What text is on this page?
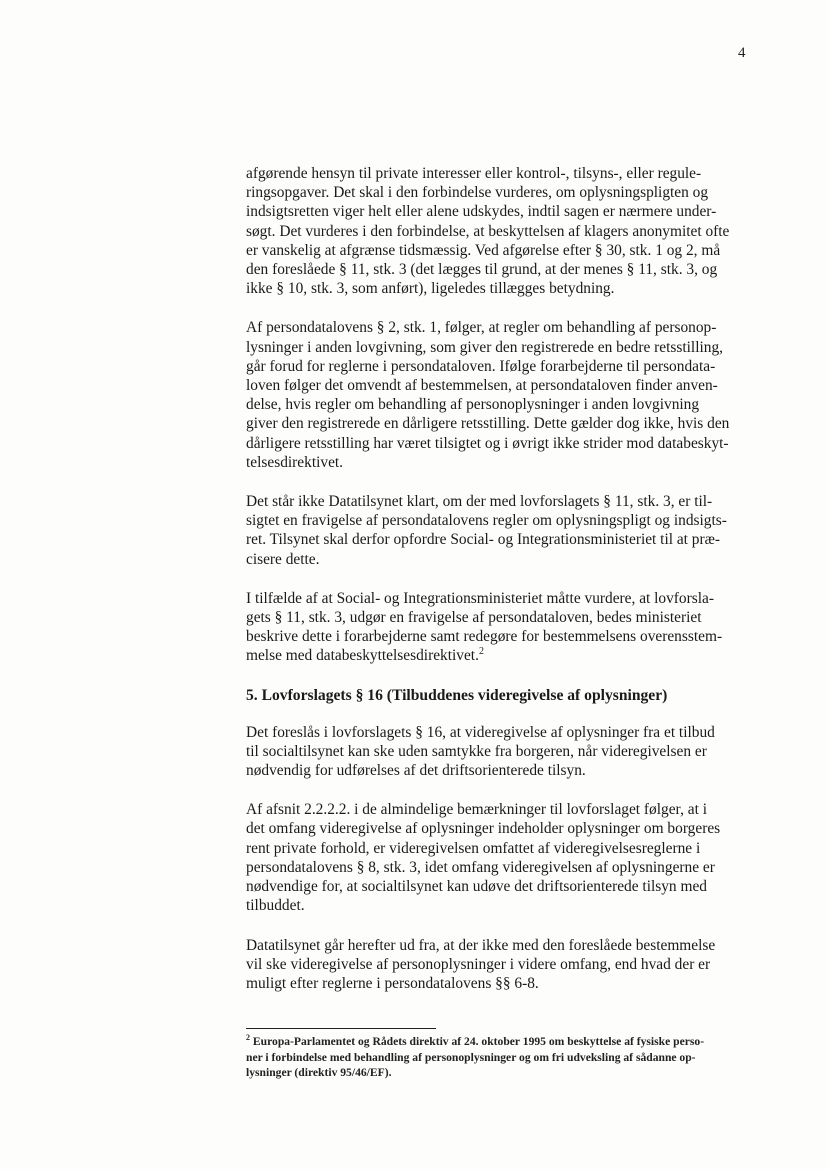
4

afgørende hensyn til private interesser eller kontrol-, tilsyns-, eller regule-
ringsopgaver. Det skal i den forbindelse vurderes, om oplysningspligten og
indsigtsretten viger helt eller alene udskydes, indtil sagen er nærmere under-
søgt. Det vurderes i den forbindelse, at beskyttelsen af klagers anonymitet ofte
er vanskelig at afgrænse tidsmæssig. Ved afgørelse efter § 30, stk. 1 og 2, må
den foreslåede § 11, stk. 3 (det lægges til grund, at der menes § 11, stk. 3, og
ikke § 10, stk. 3, som anført), ligeledes tillægges betydning.

Af persondatalovens § 2, stk. 1, følger, at regler om behandling af personop-
lysninger i anden lovgivning, som giver den registrerede en bedre retsstilling,
går forud for reglerne i persondataloven. Ifølge forarbejderne til persondata-
loven følger det omvendt af bestemmelsen, at persondataloven finder anven-
delse, hvis regler om behandling af personoplysninger i anden lovgivning
giver den registrerede en dårligere retsstilling. Dette gælder dog ikke, hvis den
dårligere retsstilling har været tilsigtet og i øvrigt ikke strider mod databeskyt-
telsesdirektivet.

Det står ikke Datatilsynet klart, om der med lovforslagets § 11, stk. 3, er til-
sigtet en fravigelse af persondatalovens regler om oplysningspligt og indsigts-
ret. Tilsynet skal derfor opfordre Social- og Integrationsministeriet til at præ-
cisere dette.

I tilfælde af at Social- og Integrationsministeriet måtte vurdere, at lovforsla-
gets § 11, stk. 3, udgør en fravigelse af persondataloven, bedes ministeriet
beskrive dette i forarbejderne samt redegøre for bestemmelsens overensstem-
melse med databeskyttelsesdirektivet.$^2$

5. Lovforslagets § 16 (Tilbuddenes videregivelse af oplysninger)

Det foreslås i lovforslagets § 16, at videregivelse af oplysninger fra et tilbud
til socialtilsynet kan ske uden samtykke fra borgeren, når videregivelsen er
nødvendig for udførelses af det driftsorienterede tilsyn.

Af afsnit 2.2.2.2. i de almindelige bemærkninger til lovforslaget følger, at i
det omfang videregivelse af oplysninger indeholder oplysninger om borgeres
rent private forhold, er videregivelsen omfattet af videregivelsesreglerne i
persondatalovens § 8, stk. 3, idet omfang videregivelsen af oplysningerne er
nødvendige for, at socialtilsynet kan udøve det driftsorienterede tilsyn med
tilbuddet.

Datatilsynet går herefter ud fra, at der ikke med den foreslåede bestemmelse
vil ske videregivelse af personoplysninger i videre omfang, end hvad der er
muligt efter reglerne i persondatalovens §§ 6-8.

$^2$ Europa-Parlamentet og Rådets direktiv af 24. oktober 1995 om beskyttelse af fysiske perso-
ner i forbindelse med behandling af personoplysninger og om fri udveksling af sådanne op-
lysninger (direktiv 95/46/EF).
